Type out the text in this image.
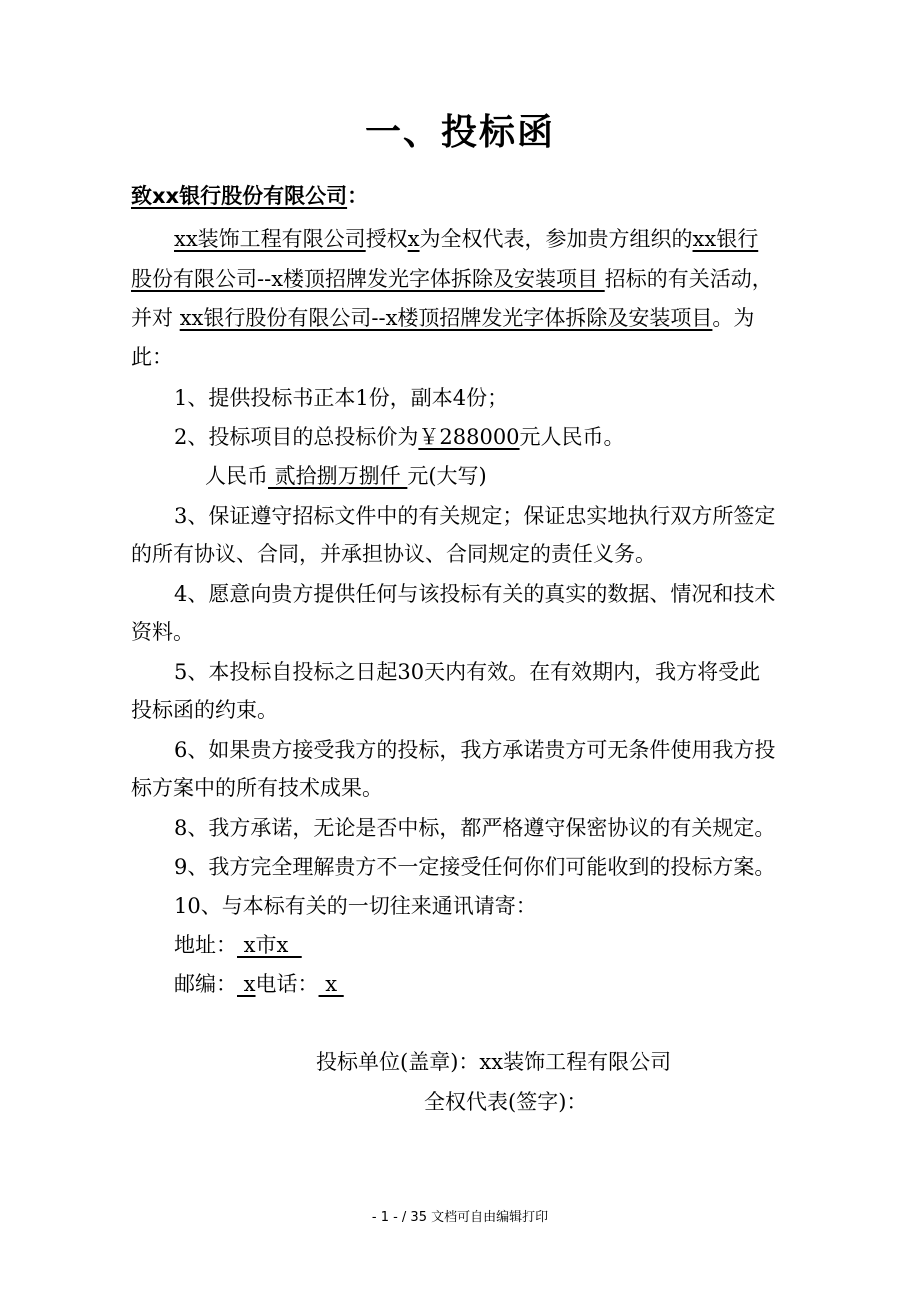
一、投标函
致xx银行股份有限公司：
xx装饰工程有限公司授权x为全权代表，参加贵方组织的xx银行
股份有限公司--x楼顶招牌发光字体拆除及安装项目 招标的有关活动，
并对 xx银行股份有限公司--x楼顶招牌发光字体拆除及安装项目。为
此：
1、提供投标书正本1份，副本4份；
2、投标项目的总投标价为￥288000元人民币。
人民币 贰拾捌万捌仟 元(大写)
3、保证遵守招标文件中的有关规定；保证忠实地执行双方所签定
的所有协议、合同，并承担协议、合同规定的责任义务。
4、愿意向贵方提供任何与该投标有关的真实的数据、情况和技术
资料。
5、本投标自投标之日起30天内有效。在有效期内，我方将受此
投标函的约束。
6、如果贵方接受我方的投标，我方承诺贵方可无条件使用我方投
标方案中的所有技术成果。
8、我方承诺，无论是否中标，都严格遵守保密协议的有关规定。
9、我方完全理解贵方不一定接受任何你们可能收到的投标方案。
10、与本标有关的一切往来通讯请寄：
地址： x市x
邮编： x电话： x
投标单位(盖章)：xx装饰工程有限公司
全权代表(签字)：
- 1 - / 35 文档可自由编辑打印
